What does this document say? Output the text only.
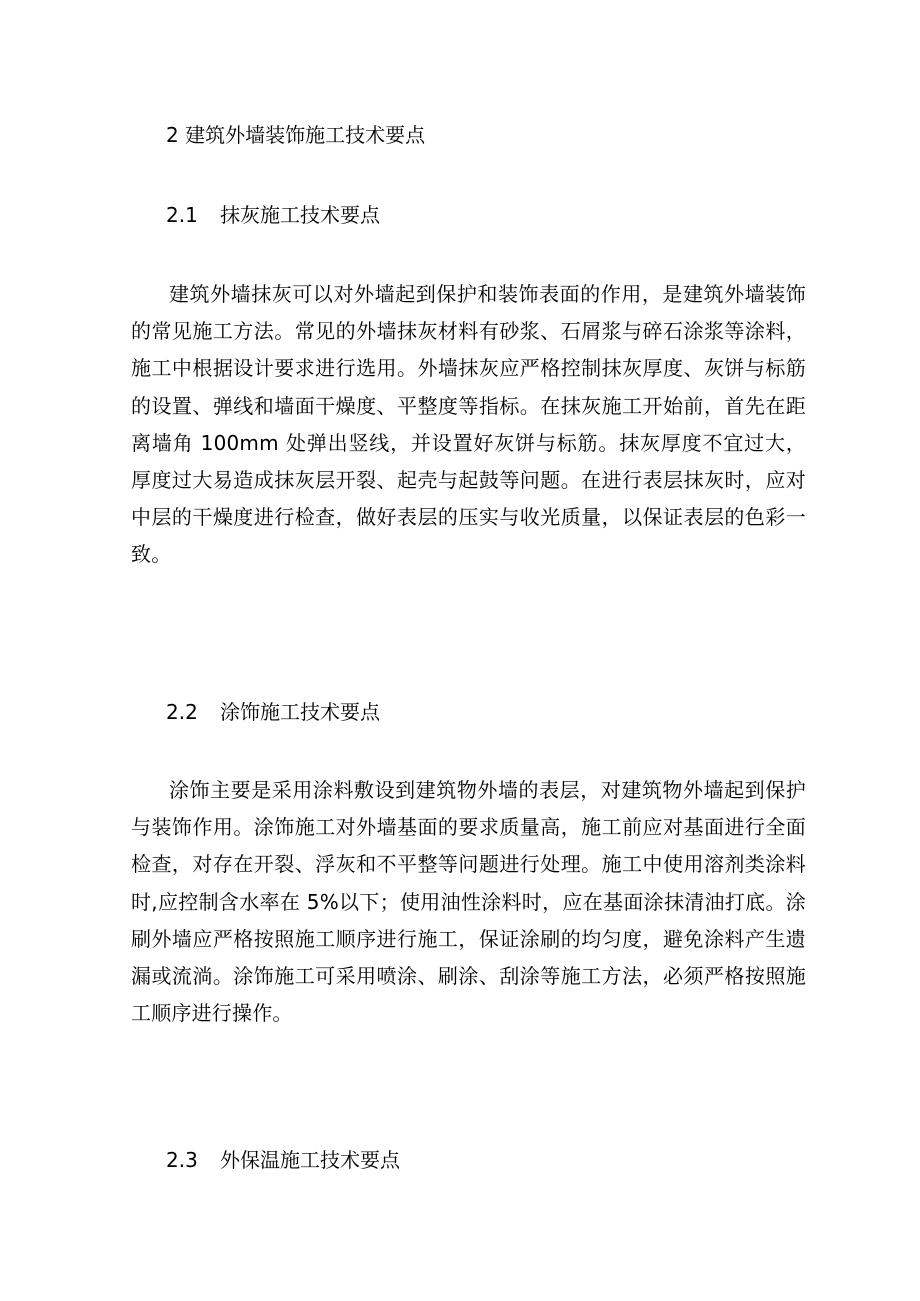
2 建筑外墙装饰施工技术要点
2.1 抹灰施工技术要点

建筑外墙抹灰可以对外墙起到保护和装饰表面的作用，是建筑外墙装饰的常见施工方法。常见的外墙抹灰材料有砂浆、石屑浆与碎石涂浆等涂料，施工中根据设计要求进行选用。外墙抹灰应严格控制抹灰厚度、灰饼与标筋的设置、弹线和墙面干燥度、平整度等指标。在抹灰施工开始前，首先在距离墙角 100mm 处弹出竖线，并设置好灰饼与标筋。抹灰厚度不宜过大，厚度过大易造成抹灰层开裂、起壳与起鼓等问题。在进行表层抹灰时，应对中层的干燥度进行检查，做好表层的压实与收光质量，以保证表层的色彩一致。

2.2 涂饰施工技术要点

涂饰主要是采用涂料敷设到建筑物外墙的表层，对建筑物外墙起到保护与装饰作用。涂饰施工对外墙基面的要求质量高，施工前应对基面进行全面检查，对存在开裂、浮灰和不平整等问题进行处理。施工中使用溶剂类涂料时,应控制含水率在 5%以下；使用油性涂料时，应在基面涂抹清油打底。涂刷外墙应严格按照施工顺序进行施工，保证涂刷的均匀度，避免涂料产生遗漏或流淌。涂饰施工可采用喷涂、刷涂、刮涂等施工方法，必须严格按照施工顺序进行操作。

2.3 外保温施工技术要点
